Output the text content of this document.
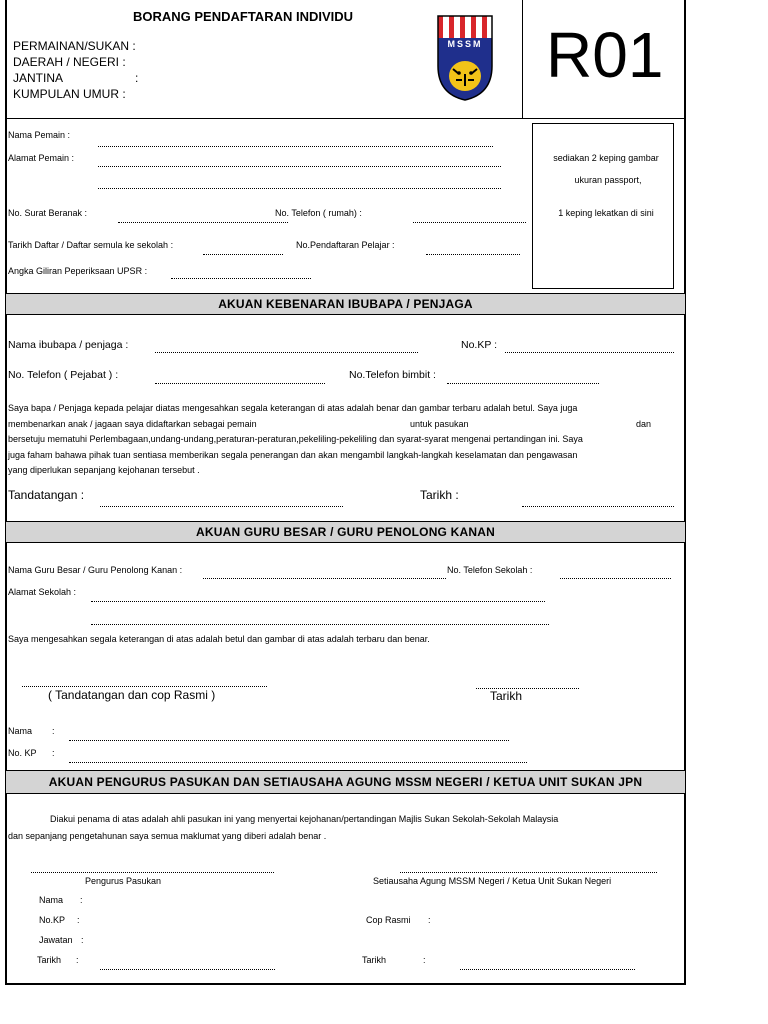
BORANG PENDAFTARAN INDIVIDU
PERMAINAN/SUKAN :
DAERAH / NEGERI :
JANTINA	:
KUMPULAN UMUR :
MSSM R01
Nama Pemain :
Alamat Pemain :
No. Surat Beranak :	No. Telefon ( rumah) :
Tarikh Daftar / Daftar semula ke sekolah :	No.Pendaftaran Pelajar :
Angka Giliran Peperiksaan UPSR :
sediakan 2 keping gambar
ukuran passport,
1 keping lekatkan di sini
AKUAN KEBENARAN IBUBAPA / PENJAGA
Nama ibubapa / penjaga :	No.KP :
No. Telefon ( Pejabat ) :	No.Telefon bimbit :
Saya bapa / Penjaga kepada pelajar diatas mengesahkan segala keterangan di atas adalah benar dan gambar terbaru adalah betul. Saya juga
membenarkan anak / jagaan saya didaftarkan sebagai pemain	untuk pasukan	dan
bersetuju mematuhi Perlembagaan,undang-undang,peraturan-peraturan,pekeliling-pekeliling dan syarat-syarat mengenai pertandingan ini. Saya
juga faham bahawa pihak tuan sentiasa memberikan segala penerangan dan akan mengambil langkah-langkah keselamatan dan pengawasan
yang diperlukan sepanjang kejohanan tersebut .
Tandatangan :	Tarikh :
AKUAN GURU BESAR / GURU PENOLONG KANAN
Nama Guru Besar / Guru Penolong Kanan :	No. Telefon Sekolah :
Alamat Sekolah :
Saya mengesahkan segala keterangan di atas adalah betul dan gambar di atas adalah terbaru dan benar.
( Tandatangan dan cop Rasmi )	Tarikh
Nama :
No. KP :
AKUAN PENGURUS PASUKAN DAN SETIAUSAHA AGUNG MSSM NEGERI / KETUA UNIT SUKAN JPN
Diakui penama di atas adalah ahli pasukan ini yang menyertai kejohanan/pertandingan Majlis Sukan Sekolah-Sekolah Malaysia
dan sepanjang pengetahunan saya semua maklumat yang diberi adalah benar .
Pengurus Pasukan	Setiausaha Agung MSSM Negeri / Ketua Unit Sukan Negeri
Nama :
No.KP :	Cop Rasmi :
Jawatan :
Tarikh :	Tarikh	:
